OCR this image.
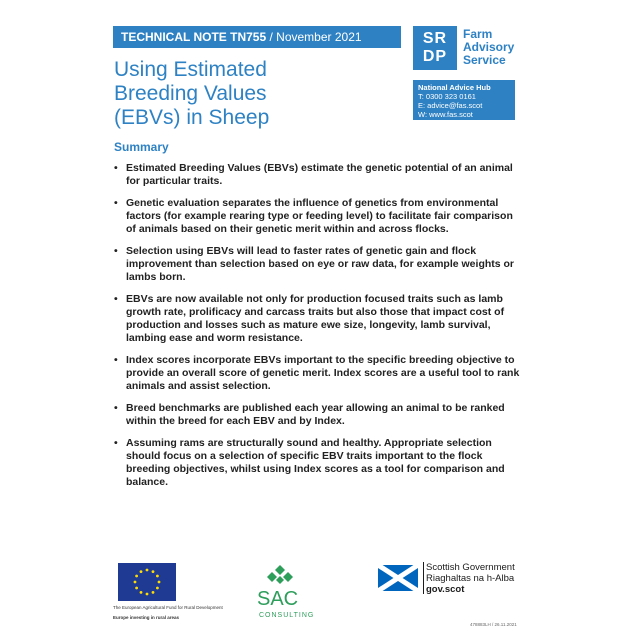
TECHNICAL NOTE TN755 / November 2021
Using Estimated
Breeding Values
(EBVs) in Sheep
SR
DP
Farm
Advisory
Service
National Advice Hub
T: 0300 323 0161
E: advice@fas.scot
W: www.fas.scot
Summary
• Estimated Breeding Values (EBVs) estimate the genetic potential of an animal for particular traits.
• Genetic evaluation separates the influence of genetics from environmental factors (for example rearing type or feeding level) to facilitate fair comparison of animals based on their genetic merit within and across flocks.
• Selection using EBVs will lead to faster rates of genetic gain and flock improvement than selection based on eye or raw data, for example weights or lambs born.
• EBVs are now available not only for production focused traits such as lamb growth rate, prolificacy and carcass traits but also those that impact cost of production and losses such as mature ewe size, longevity, lamb survival, lambing ease and worm resistance.
• Index scores incorporate EBVs important to the specific breeding objective to provide an overall score of genetic merit. Index scores are a useful tool to rank animals and assist selection.
• Breed benchmarks are published each year allowing an animal to be ranked within the breed for each EBV and by Index.
• Assuming rams are structurally sound and healthy. Appropriate selection should focus on a selection of specific EBV traits important to the flock breeding objectives, whilst using Index scores as a tool for comparison and balance.
The European Agricultural Fund for Rural Development
Europe investing in rural areas
SAC
CONSULTING
Scottish Government
Riaghaltas na h-Alba
gov.scot
478883LH / 26.11.2021
